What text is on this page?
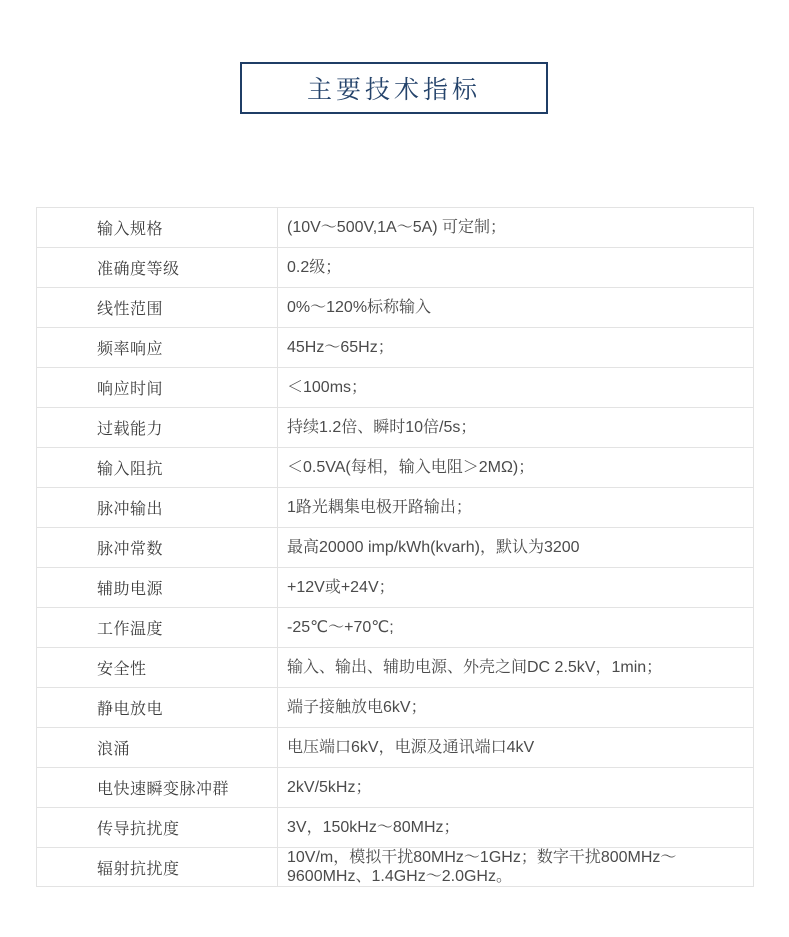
主要技术指标
输入规格	(10V～500V,1A～5A) 可定制；
准确度等级	0.2级；
线性范围	0%～120%标称输入
频率响应	45Hz～65Hz；
响应时间	＜100ms；
过载能力	持续1.2倍、瞬时10倍/5s；
输入阻抗	＜0.5VA(每相，输入电阻＞2MΩ)；
脉冲输出	1路光耦集电极开路输出；
脉冲常数	最高20000 imp/kWh(kvarh)，默认为3200
辅助电源	+12V或+24V；
工作温度	-25℃～+70℃;
安全性	输入、输出、辅助电源、外壳之间DC 2.5kV，1min；
静电放电	端子接触放电6kV；
浪涌	电压端口6kV，电源及通讯端口4kV
电快速瞬变脉冲群	2kV/5kHz；
传导抗扰度	3V，150kHz～80MHz；
辐射抗扰度	10V/m，模拟干扰80MHz～1GHz；数字干扰800MHz～9600MHz、1.4GHz～2.0GHz。
